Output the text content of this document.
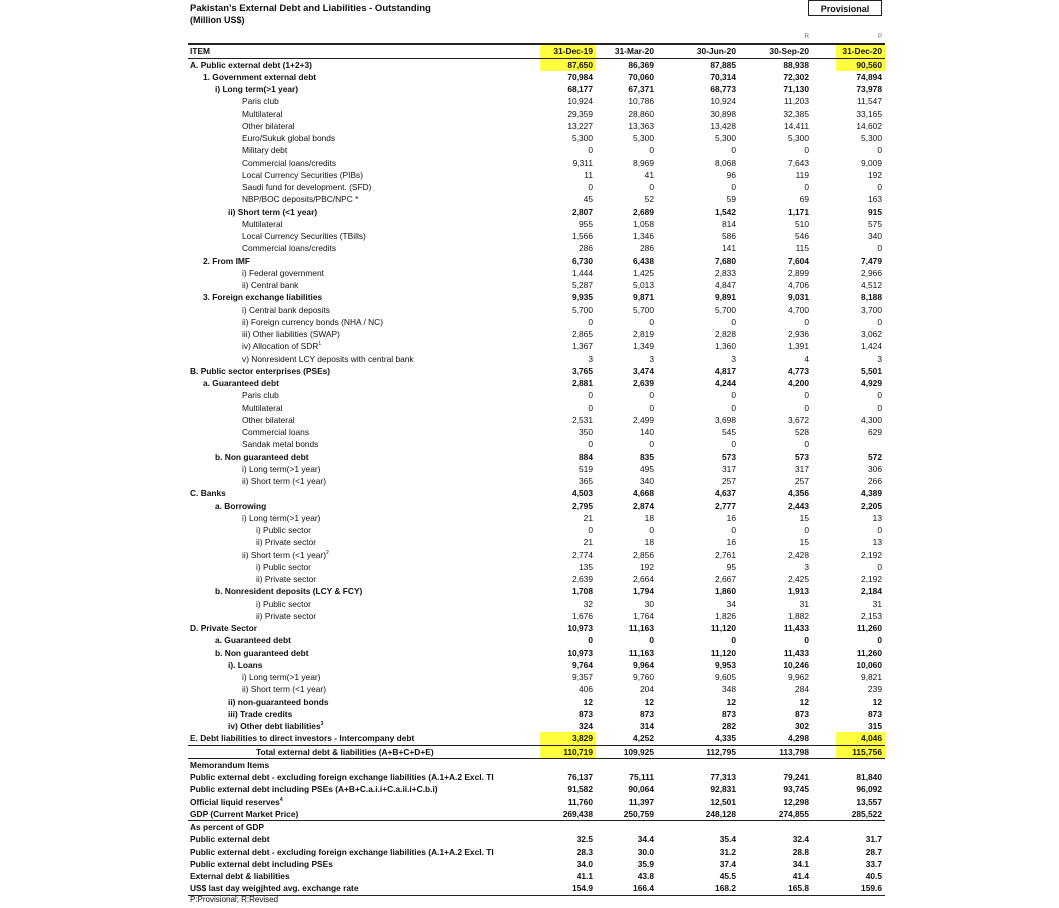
Pakistan's External Debt and Liabilities - Outstanding
(Million US$)
Provisional
				R	P
ITEM	31-Dec-19	31-Mar-20	30-Jun-20	30-Sep-20	31-Dec-20
A. Public external debt (1+2+3)	87,650	86,369	87,885	88,938	90,560
1. Government external debt	70,984	70,060	70,314	72,302	74,894
i) Long term(>1 year)	68,177	67,371	68,773	71,130	73,978
Paris club	10,924	10,786	10,924	11,203	11,547
Multilateral	29,359	28,860	30,898	32,385	33,165
Other bilateral	13,227	13,363	13,428	14,411	14,602
Euro/Sukuk global bonds	5,300	5,300	5,300	5,300	5,300
Military debt	0	0	0	0	0
Commercial loans/credits	9,311	8,969	8,068	7,643	9,009
Local Currency Securities (PIBs)	11	41	96	119	192
Saudi fund for development. (SFD)	0	0	0	0	0
NBP/BOC deposits/PBC/NPC *	45	52	59	69	163
ii) Short term (<1 year)	2,807	2,689	1,542	1,171	915
Multilateral	955	1,058	814	510	575
Local Currency Securities (TBills)	1,566	1,346	586	546	340
Commercial loans/credits	286	286	141	115	0
2. From IMF	6,730	6,438	7,680	7,604	7,479
i) Federal government	1,444	1,425	2,833	2,899	2,966
ii) Central bank	5,287	5,013	4,847	4,706	4,512
3. Foreign exchange liabilities	9,935	9,871	9,891	9,031	8,188
i) Central bank deposits	5,700	5,700	5,700	4,700	3,700
ii) Foreign currency bonds (NHA / NC)	0	0	0	0	0
iii) Other liabilities (SWAP)	2,865	2,819	2,828	2,936	3,062
iv) Allocation of SDR$^1$	1,367	1,349	1,360	1,391	1,424
v) Nonresident LCY deposits with central bank	3	3	3	4	3
B. Public sector enterprises (PSEs)	3,765	3,474	4,817	4,773	5,501
a. Guaranteed debt	2,881	2,639	4,244	4,200	4,929
Paris club	0	0	0	0	0
Multilateral	0	0	0	0	0
Other bilateral	2,531	2,499	3,698	3,672	4,300
Commercial loans	350	140	545	528	629
Sandak metal bonds	0	0	0	0	
b. Non guaranteed debt	884	835	573	573	572
i) Long term(>1 year)	519	495	317	317	306
ii) Short term (<1 year)	365	340	257	257	266
C. Banks	4,503	4,668	4,637	4,356	4,389
a. Borrowing	2,795	2,874	2,777	2,443	2,205
i) Long term(>1 year)	21	18	16	15	13
i) Public sector	0	0	0	0	0
ii) Private sector	21	18	16	15	13
ii) Short term (<1 year)$^2$	2,774	2,856	2,761	2,428	2,192
i) Public sector	135	192	95	3	0
ii) Private sector	2,639	2,664	2,667	2,425	2,192
b. Nonresident deposits (LCY & FCY)	1,708	1,794	1,860	1,913	2,184
i) Public sector	32	30	34	31	31
ii) Private sector	1,676	1,764	1,826	1,882	2,153
D. Private Sector	10,973	11,163	11,120	11,433	11,260
a. Guaranteed debt	0	0	0	0	0
b. Non guaranteed debt	10,973	11,163	11,120	11,433	11,260
i). Loans	9,764	9,964	9,953	10,246	10,060
i) Long term(>1 year)	9,357	9,760	9,605	9,962	9,821
ii) Short term (<1 year)	406	204	348	284	239
ii) non-guaranteed bonds	12	12	12	12	12
iii) Trade credits	873	873	873	873	873
iv) Other debt liabilities$^3$	324	314	282	302	315
E. Debt liabilities to direct investors - Intercompany debt	3,829	4,252	4,335	4,298	4,046
Total external debt & liabilities (A+B+C+D+E)	110,719	109,925	112,795	113,798	115,756
Memorandum Items					
Public external debt - excluding foreign exchange liabilities (A.1+A.2 Excl. TI	76,137	75,111	77,313	79,241	81,840
Public external debt including PSEs (A+B+C.a.i.i+C.a.ii.i+C.b.i)	91,582	90,064	92,831	93,745	96,092
Official liquid reserves$^4$	11,760	11,397	12,501	12,298	13,557
GDP (Current Market Price)	269,438	250,759	248,128	274,855	285,522
As percent of GDP					
Public external debt	32.5	34.4	35.4	32.4	31.7
Public external debt - excluding foreign exchange liabilities (A.1+A.2 Excl. TI	28.3	30.0	31.2	28.8	28.7
Public external debt including PSEs	34.0	35.9	37.4	34.1	33.7
External debt & liabilities	41.1	43.8	45.5	41.4	40.5
US$ last day weigjhted avg. exchange rate	154.9	166.4	168.2	165.8	159.6
P:Provisional; R:Revised
